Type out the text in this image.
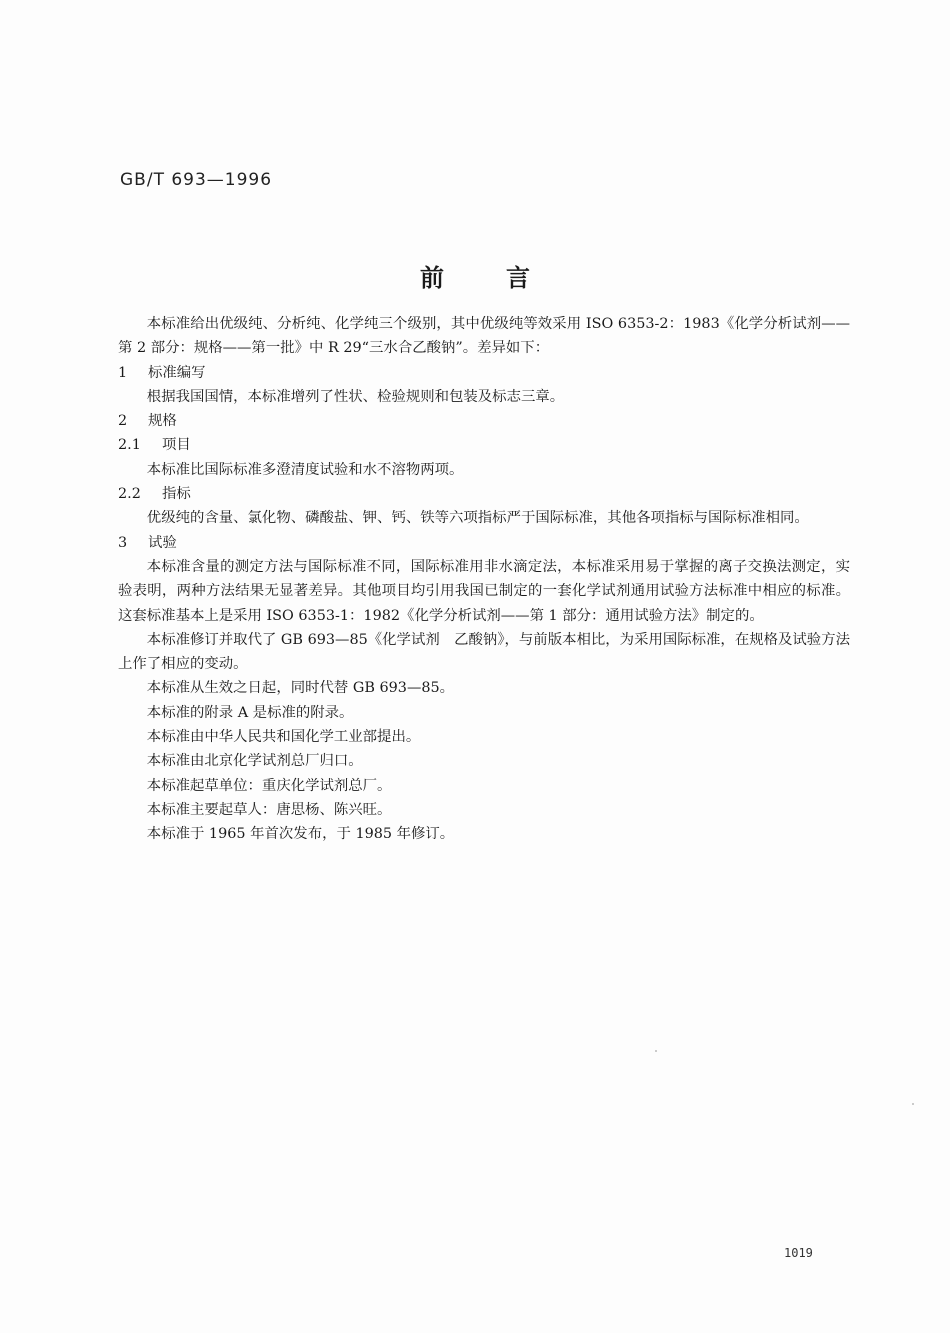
GB/T 693—1996
前言

本标准给出优级纯、分析纯、化学纯三个级别，其中优级纯等效采用 ISO 6353-2：1983《化学分析试剂——第 2 部分：规格——第一批》中 R 29“三水合乙酸钠”。差异如下：

1 标准编写

根据我国国情，本标准增列了性状、检验规则和包装及标志三章。

2 规格

2.1 项目

本标准比国际标准多澄清度试验和水不溶物两项。

2.2 指标

优级纯的含量、氯化物、磷酸盐、钾、钙、铁等六项指标严于国际标准，其他各项指标与国际标准相同。

3 试验

本标准含量的测定方法与国际标准不同，国际标准用非水滴定法，本标准采用易于掌握的离子交换法测定，实验表明，两种方法结果无显著差异。其他项目均引用我国已制定的一套化学试剂通用试验方法标准中相应的标准。这套标准基本上是采用 ISO 6353-1：1982《化学分析试剂——第 1 部分：通用试验方法》制定的。

本标准修订并取代了 GB 693—85《化学试剂　乙酸钠》，与前版本相比，为采用国际标准，在规格及试验方法上作了相应的变动。

本标准从生效之日起，同时代替 GB 693—85。

本标准的附录 A 是标准的附录。

本标准由中华人民共和国化学工业部提出。

本标准由北京化学试剂总厂归口。

本标准起草单位：重庆化学试剂总厂。

本标准主要起草人：唐思杨、陈兴旺。

本标准于 1965 年首次发布，于 1985 年修订。

1019
